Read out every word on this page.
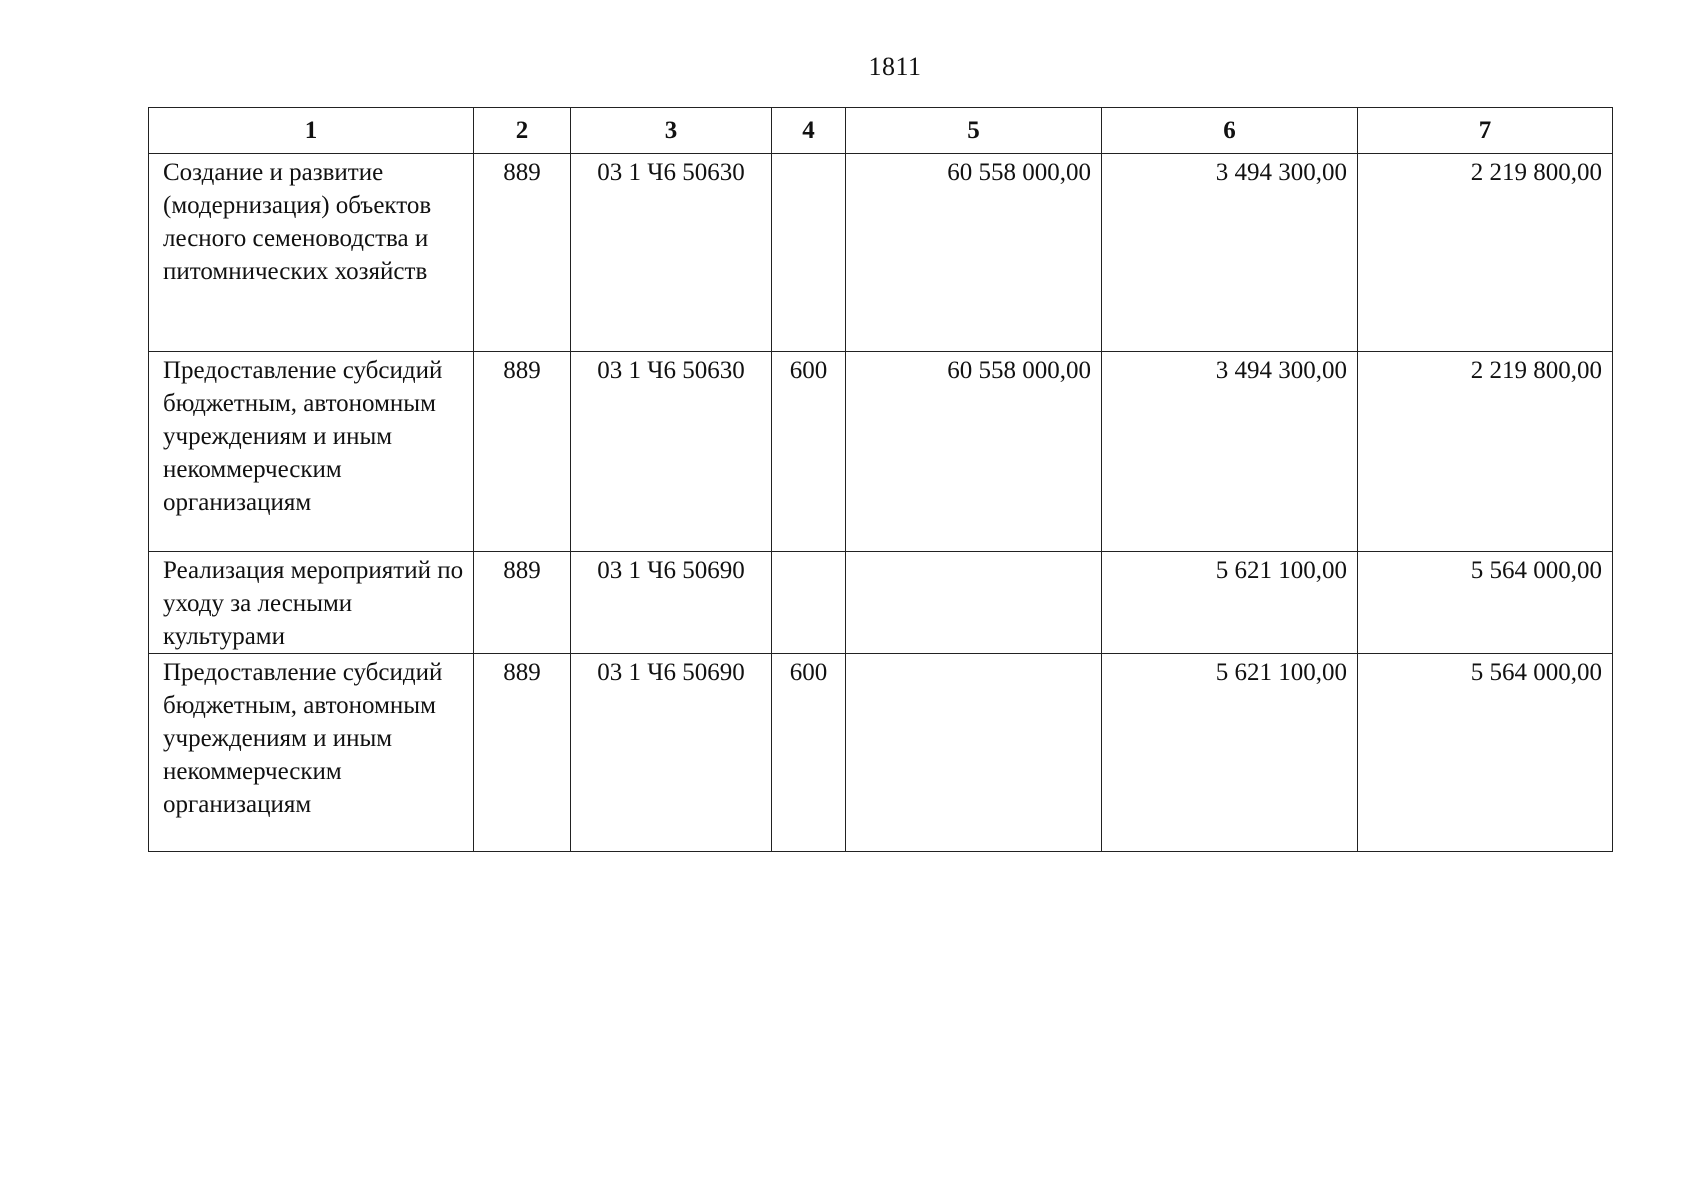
1811
1	2	3	4	5	6	7
Создание и развитие (модернизация) объектов лесного семеноводства и питомнических хозяйств	889	03 1 Ч6 50630		60 558 000,00	3 494 300,00	2 219 800,00
Предоставление субсидий бюджетным, автономным учреждениям и иным некоммерческим организациям	889	03 1 Ч6 50630	600	60 558 000,00	3 494 300,00	2 219 800,00
Реализация мероприятий по уходу за лесными культурами	889	03 1 Ч6 50690			5 621 100,00	5 564 000,00
Предоставление субсидий бюджетным, автономным учреждениям и иным некоммерческим организациям	889	03 1 Ч6 50690	600		5 621 100,00	5 564 000,00
